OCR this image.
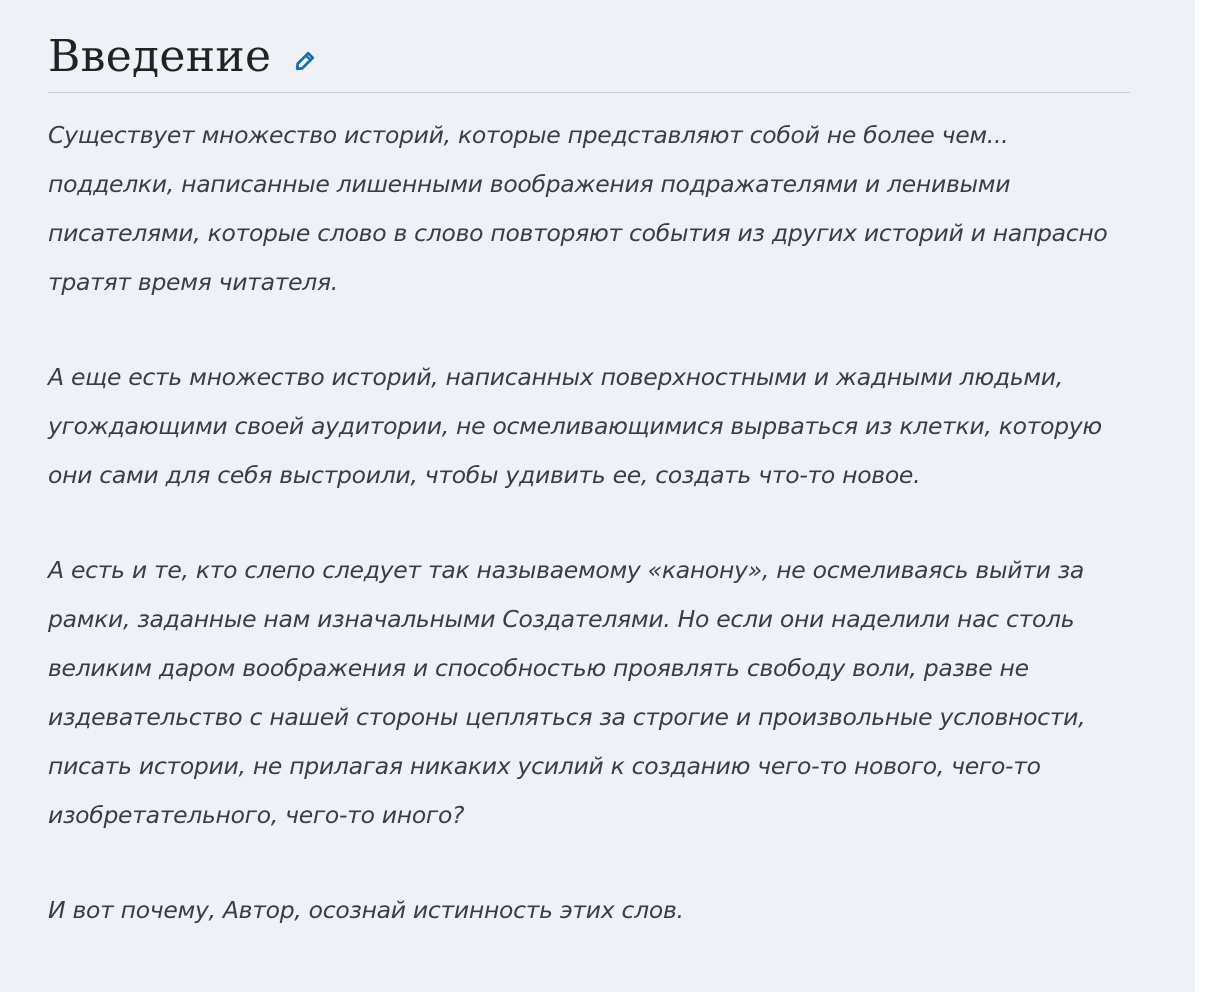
Введение

Существует множество историй, которые представляют собой не более чем... подделки, написанные лишенными воображения подражателями и ленивыми писателями, которые слово в слово повторяют события из других историй и напрасно тратят время читателя.

А еще есть множество историй, написанных поверхностными и жадными людьми, угождающими своей аудитории, не осмеливающимися вырваться из клетки, которую они сами для себя выстроили, чтобы удивить ее, создать что-то новое.

А есть и те, кто слепо следует так называемому «канону», не осмеливаясь выйти за рамки, заданные нам изначальными Создателями. Но если они наделили нас столь великим даром воображения и способностью проявлять свободу воли, разве не издевательство с нашей стороны цепляться за строгие и произвольные условности, писать истории, не прилагая никаких усилий к созданию чего-то нового, чего-то изобретательного, чего-то иного?

И вот почему, Автор, осознай истинность этих слов.
